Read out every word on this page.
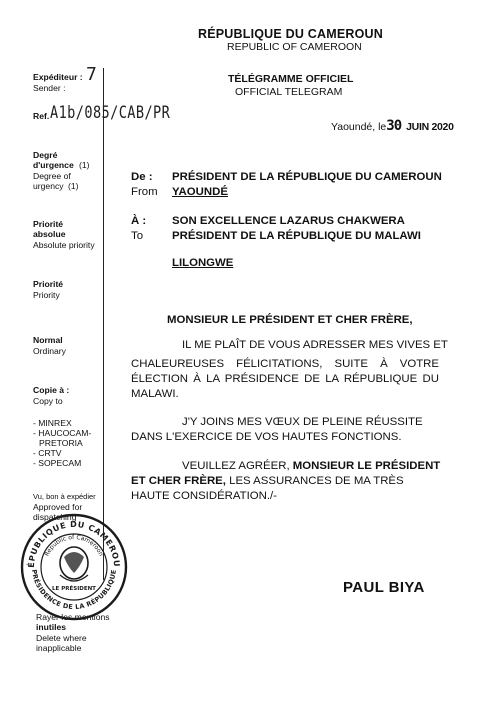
RÉPUBLIQUE DU CAMEROUN
REPUBLIC OF CAMEROON
TÉLÉGRAMME OFFICIEL
OFFICIAL TELEGRAM
Yaoundé, le30 JUIN 2020
Expéditeur :
Sender :
7
Ref. A1b/085/CAB/PR
Degré d'urgence (1)
Degree of urgency (1)
Priorité absolue
Absolute priority
Priorité
Priority
Normal
Ordinary
Copie à :
Copy to
- MINREX
- HAUCOCAM-
PRETORIA
- CRTV
- SOPECAM
Vu, bon à expédier
Approved for dispatching
Rayer les mentions
inutiles
Delete where
inapplicable
ÉPUBLIQUE DU CAMEROU
Republic of Cameroon
PRÉSIDENCE DE LA RÉPUBLIQUE
LE PRÉSIDENT
De :
From
PRÉSIDENT DE LA RÉPUBLIQUE DU CAMEROUN
YAOUNDÉ
À :
To
SON EXCELLENCE LAZARUS CHAKWERA
PRÉSIDENT DE LA RÉPUBLIQUE DU MALAWI
LILONGWE
MONSIEUR LE PRÉSIDENT ET CHER FRÈRE,
IL ME PLAÎT DE VOUS ADRESSER MES VIVES ET
CHALEUREUSES FÉLICITATIONS, SUITE À VOTRE ÉLECTION À LA PRÉSIDENCE DE LA RÉPUBLIQUE DU MALAWI.
J'Y JOINS MES VŒUX DE PLEINE RÉUSSITE
DANS L'EXERCICE DE VOS HAUTES FONCTIONS.
VEUILLEZ AGRÉER, MONSIEUR LE PRÉSIDENT ET CHER FRÈRE, LES ASSURANCES DE MA TRÈS HAUTE CONSIDÉRATION./-
PAUL BIYA
